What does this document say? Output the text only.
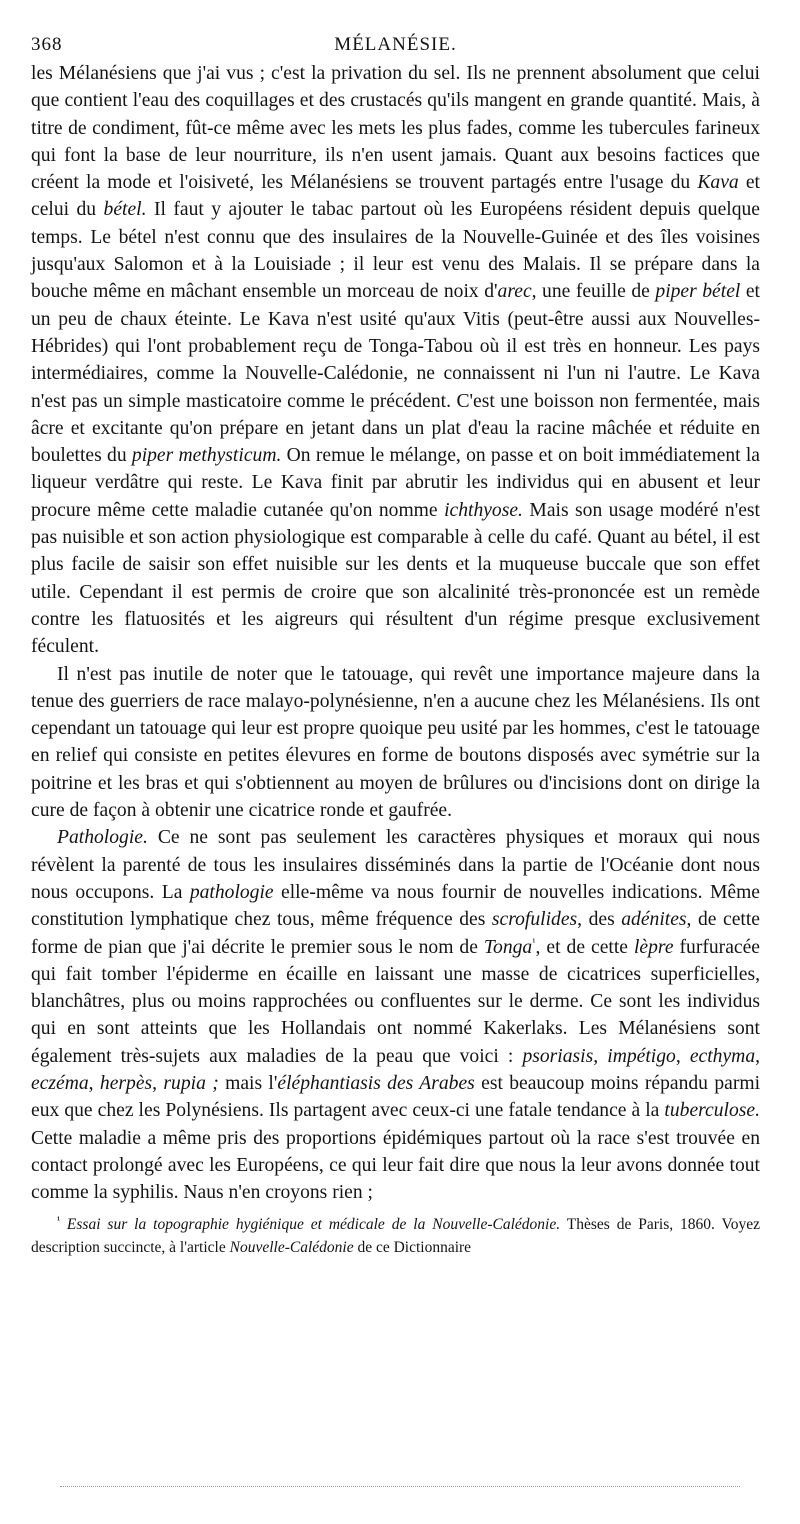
368	MÉLANÉSIE.

les Mélanésiens que j'ai vus ; c'est la privation du sel. Ils ne prennent absolument que celui que contient l'eau des coquillages et des crustacés qu'ils mangent en grande quantité. Mais, à titre de condiment, fût-ce même avec les mets les plus fades, comme les tubercules farineux qui font la base de leur nourriture, ils n'en usent jamais. Quant aux besoins factices que créent la mode et l'oisiveté, les Mélanésiens se trouvent partagés entre l'usage du Kava et celui du bétel. Il faut y ajouter le tabac partout où les Européens résident depuis quelque temps. Le bétel n'est connu que des insulaires de la Nouvelle-Guinée et des îles voisines jusqu'aux Salomon et à la Louisiade ; il leur est venu des Malais. Il se prépare dans la bouche même en mâchant ensemble un morceau de noix d'arec, une feuille de piper bétel et un peu de chaux éteinte. Le Kava n'est usité qu'aux Vitis (peut-être aussi aux Nouvelles-Hébrides) qui l'ont probablement reçu de Tonga-Tabou où il est très en honneur. Les pays intermédiaires, comme la Nouvelle-Calédonie, ne connaissent ni l'un ni l'autre. Le Kava n'est pas un simple masticatoire comme le précédent. C'est une boisson non fermentée, mais âcre et excitante qu'on prépare en jetant dans un plat d'eau la racine mâchée et réduite en boulettes du piper methysticum. On remue le mélange, on passe et on boit immédiatement la liqueur verdâtre qui reste. Le Kava finit par abrutir les individus qui en abusent et leur procure même cette maladie cutanée qu'on nomme ichthyose. Mais son usage modéré n'est pas nuisible et son action physiologique est comparable à celle du café. Quant au bétel, il est plus facile de saisir son effet nuisible sur les dents et la muqueuse buccale que son effet utile. Cependant il est permis de croire que son alcalinité très-prononcée est un remède contre les flatuosités et les aigreurs qui résultent d'un régime presque exclusivement féculent.

Il n'est pas inutile de noter que le tatouage, qui revêt une importance majeure dans la tenue des guerriers de race malayo-polynésienne, n'en a aucune chez les Mélanésiens. Ils ont cependant un tatouage qui leur est propre quoique peu usité par les hommes, c'est le tatouage en relief qui consiste en petites élevures en forme de boutons disposés avec symétrie sur la poitrine et les bras et qui s'obtiennent au moyen de brûlures ou d'incisions dont on dirige la cure de façon à obtenir une cicatrice ronde et gaufrée.

Pathologie. Ce ne sont pas seulement les caractères physiques et moraux qui nous révèlent la parenté de tous les insulaires disséminés dans la partie de l'Océanie dont nous nous occupons. La pathologie elle-même va nous fournir de nouvelles indications. Même constitution lymphatique chez tous, même fréquence des scrofulides, des adénites, de cette forme de pian que j'ai décrite le premier sous le nom de Tonga$^{^1}$, et de cette lèpre furfuracée qui fait tomber l'épiderme en écaille en laissant une masse de cicatrices superficielles, blanchâtres, plus ou moins rapprochées ou confluentes sur le derme. Ce sont les individus qui en sont atteints que les Hollandais ont nommé Kakerlaks. Les Mélanésiens sont également très-sujets aux maladies de la peau que voici : psoriasis, impétigo, ecthyma, eczéma, herpès, rupia ; mais l'éléphantiasis des Arabes est beaucoup moins répandu parmi eux que chez les Polynésiens. Ils partagent avec ceux-ci une fatale tendance à la tuberculose. Cette maladie a même pris des proportions épidémiques partout où la race s'est trouvée en contact prolongé avec les Européens, ce qui leur fait dire que nous la leur avons donnée tout comme la syphilis. Naus n'en croyons rien ;

$^{^1}$ Essai sur la topographie hygiénique et médicale de la Nouvelle-Calédonie. Thèses de Paris, 1860. Voyez description succincte, à l'article Nouvelle-Calédonie de ce Dictionnaire
